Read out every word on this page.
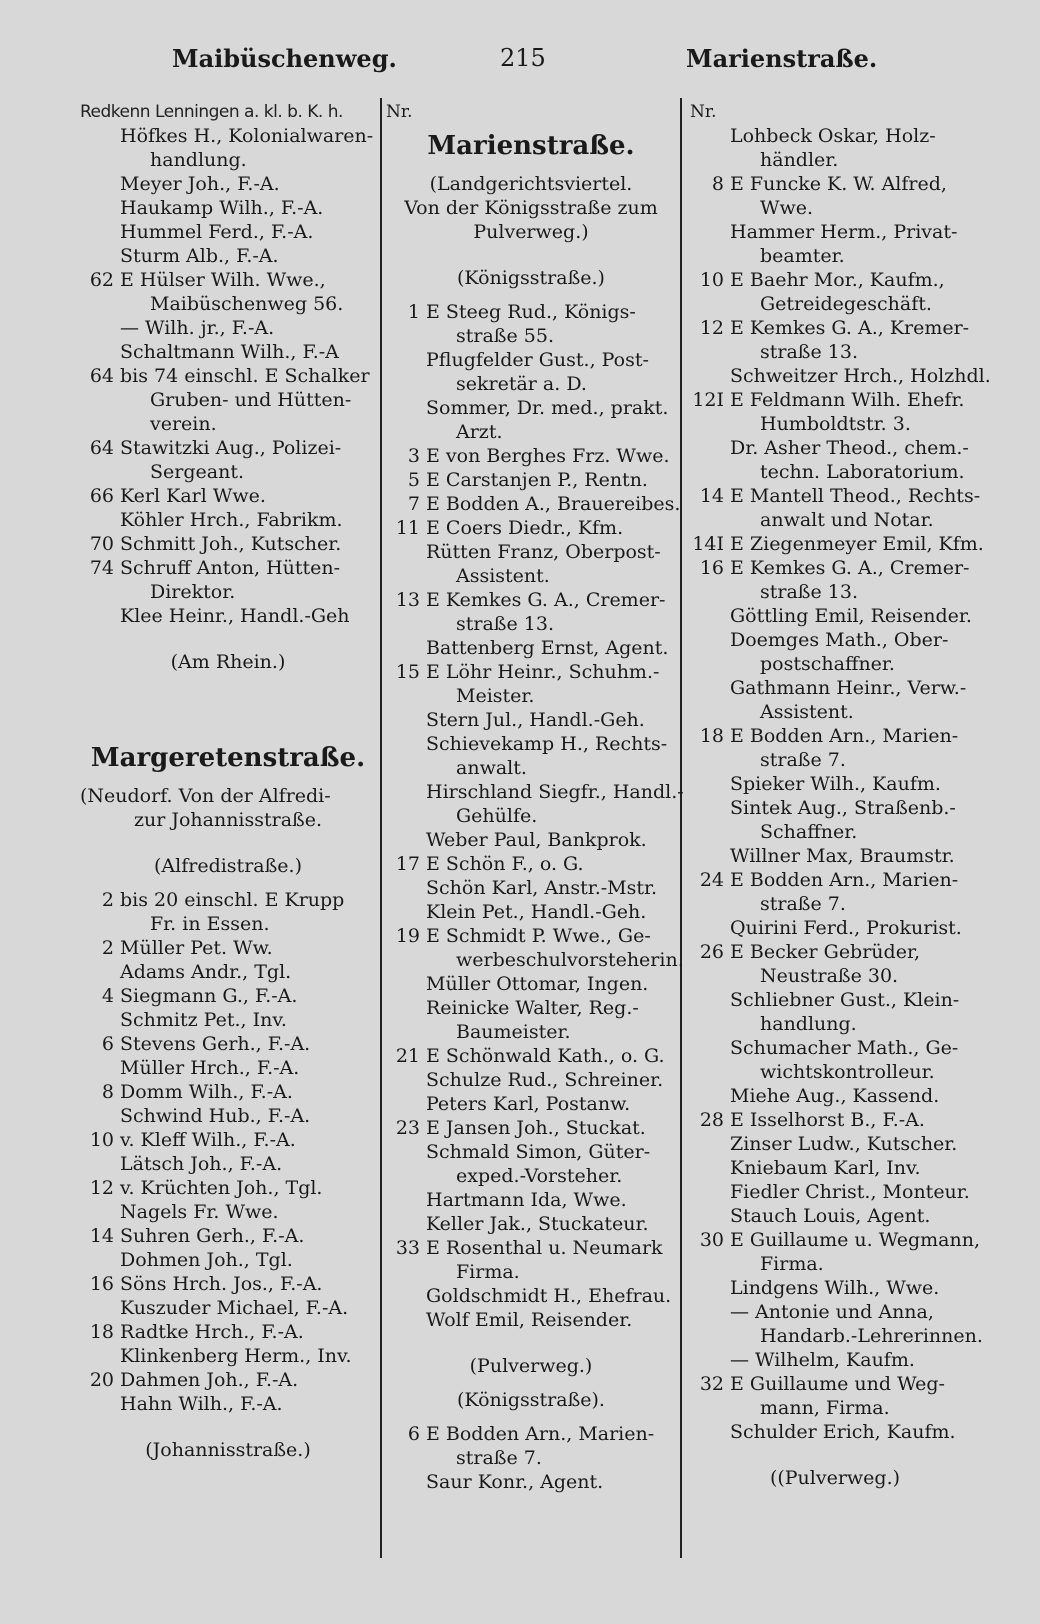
Maibüschenweg.	215	Marienstraße.
Redkenn Lenningen a. kl. b. K. h.
Höfkes H., Kolonialwaren-
handlung.
Meyer Joh., F.-A.
Haukamp Wilh., F.-A.
Hummel Ferd., F.-A.
Sturm Alb., F.-A.
62 E Hülser Wilh. Wwe.,
Maibüschenweg 56.
— Wilh. jr., F.-A.
Schaltmann Wilh., F.-A
64 bis 74 einschl. E Schalker
Gruben- und Hütten-
verein.
64 Stawitzki Aug., Polizei-
Sergeant.
66 Kerl Karl Wwe.
Köhler Hrch., Fabrikm.
70 Schmitt Joh., Kutscher.
74 Schruff Anton, Hütten-
Direktor.
Klee Heinr., Handl.-Geh
(Am Rhein.)
Margeretenstraße.
(Neudorf. Von der Alfredi-
zur Johannisstraße.
(Alfredistraße.)
2 bis 20 einschl. E Krupp
Fr. in Essen.
2 Müller Pet. Ww.
Adams Andr., Tgl.
4 Siegmann G., F.-A.
Schmitz Pet., Inv.
6 Stevens Gerh., F.-A.
Müller Hrch., F.-A.
8 Domm Wilh., F.-A.
Schwind Hub., F.-A.
10 v. Kleff Wilh., F.-A.
Lätsch Joh., F.-A.
12 v. Krüchten Joh., Tgl.
Nagels Fr. Wwe.
14 Suhren Gerh., F.-A.
Dohmen Joh., Tgl.
16 Söns Hrch. Jos., F.-A.
Kuszuder Michael, F.-A.
18 Radtke Hrch., F.-A.
Klinkenberg Herm., Inv.
20 Dahmen Joh., F.-A.
Hahn Wilh., F.-A.
(Johannisstraße.)
Nr.
Marienstraße.
(Landgerichtsviertel.
Von der Königsstraße zum
Pulverweg.)
(Königsstraße.)
1 E Steeg Rud., Königs-
straße 55.
Pflugfelder Gust., Post-
sekretär a. D.
Sommer, Dr. med., prakt.
Arzt.
3 E von Berghes Frz. Wwe.
5 E Carstanjen P., Rentn.
7 E Bodden A., Brauereibes.
11 E Coers Diedr., Kfm.
Rütten Franz, Oberpost-
Assistent.
13 E Kemkes G. A., Cremer-
straße 13.
Battenberg Ernst, Agent.
15 E Löhr Heinr., Schuhm.-
Meister.
Stern Jul., Handl.-Geh.
Schievekamp H., Rechts-
anwalt.
Hirschland Siegfr., Handl.-
Gehülfe.
Weber Paul, Bankprok.
17 E Schön F., o. G.
Schön Karl, Anstr.-Mstr.
Klein Pet., Handl.-Geh.
19 E Schmidt P. Wwe., Ge-
werbeschulvorsteherin.
Müller Ottomar, Ingen.
Reinicke Walter, Reg.-
Baumeister.
21 E Schönwald Kath., o. G.
Schulze Rud., Schreiner.
Peters Karl, Postanw.
23 E Jansen Joh., Stuckat.
Schmald Simon, Güter-
exped.-Vorsteher.
Hartmann Ida, Wwe.
Keller Jak., Stuckateur.
33 E Rosenthal u. Neumark
Firma.
Goldschmidt H., Ehefrau.
Wolf Emil, Reisender.
(Pulverweg.)
(Königsstraße).
6 E Bodden Arn., Marien-
straße 7.
Saur Konr., Agent.
Nr.
Lohbeck Oskar, Holz-
händler.
8 E Funcke K. W. Alfred,
Wwe.
Hammer Herm., Privat-
beamter.
10 E Baehr Mor., Kaufm.,
Getreidegeschäft.
12 E Kemkes G. A., Kremer-
straße 13.
Schweitzer Hrch., Holzhdl.
12I E Feldmann Wilh. Ehefr.
Humboldtstr. 3.
Dr. Asher Theod., chem.-
techn. Laboratorium.
14 E Mantell Theod., Rechts-
anwalt und Notar.
14I E Ziegenmeyer Emil, Kfm.
16 E Kemkes G. A., Cremer-
straße 13.
Göttling Emil, Reisender.
Doemges Math., Ober-
postschaffner.
Gathmann Heinr., Verw.-
Assistent.
18 E Bodden Arn., Marien-
straße 7.
Spieker Wilh., Kaufm.
Sintek Aug., Straßenb.-
Schaffner.
Willner Max, Braumstr.
24 E Bodden Arn., Marien-
straße 7.
Quirini Ferd., Prokurist.
26 E Becker Gebrüder,
Neustraße 30.
Schliebner Gust., Klein-
handlung.
Schumacher Math., Ge-
wichtskontrolleur.
Miehe Aug., Kassend.
28 E Isselhorst B., F.-A.
Zinser Ludw., Kutscher.
Kniebaum Karl, Inv.
Fiedler Christ., Monteur.
Stauch Louis, Agent.
30 E Guillaume u. Wegmann,
Firma.
Lindgens Wilh., Wwe.
— Antonie und Anna,
Handarb.-Lehrerinnen.
— Wilhelm, Kaufm.
32 E Guillaume und Weg-
mann, Firma.
Schulder Erich, Kaufm.
((Pulverweg.)
